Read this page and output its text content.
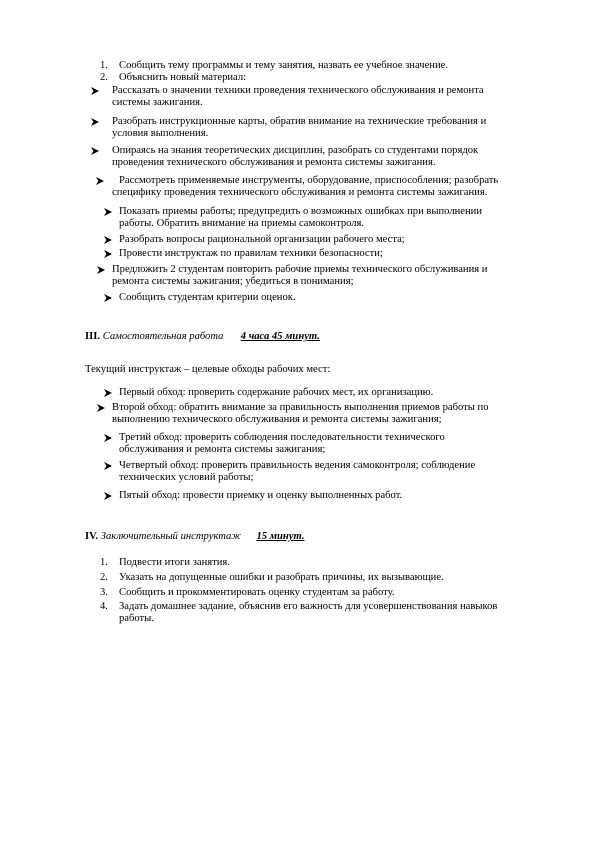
1. Сообщить тему программы и тему занятия, назвать ее учебное значение.
2. Объяснить новый материал:
Рассказать о значении техники проведения технического обслуживания и ремонта
системы зажигания.
Разобрать инструкционные карты, обратив внимание на технические требования и
условия выполнения.
Опираясь на знания теоретических дисциплин, разобрать со студентами порядок
проведения технического обслуживания и ремонта системы зажигания.
Рассмотреть применяемые инструменты, оборудование, приспособления; разобрать
специфику проведения технического обслуживания и ремонта системы зажигания.
Показать приемы работы; предупредить о возможных ошибках при выполнении
работы. Обратить внимание на приемы самоконтроля.
Разобрать вопросы рациональной организации рабочего места;
Провести инструктаж по правилам техники безопасности;
Предложить 2 студентам повторить рабочие приемы технического обслуживания и
ремонта системы зажигания; убедиться в понимания;
Сообщить студентам критерии оценок.
III. Самостоятельная работа 4 часа 45 минут.
Текущий инструктаж – целевые обходы рабочих мест:
Первый обход: проверить содержание рабочих мест, их организацию.
Второй обход: обратить внимание за правильность выполнения приемов работы по
выполнению технического обслуживания и ремонта системы зажигания;
Третий обход: проверить соблюдения последовательности технического
обслуживания и ремонта системы зажигания;
Четвертый обход: проверить правильность ведения самоконтроля; соблюдение
технических условий работы;
Пятый обход: провести приемку и оценку выполненных работ.
IV. Заключительный инструктаж 15 минут.
1. Подвести итоги занятия.
2. Указать на допущенные ошибки и разобрать причины, их вызывающие.
3. Сообщить и прокомментировать оценку студентам за работу.
4. Задать домашнее задание, объяснив его важность для усовершенствования навыков
работы.
